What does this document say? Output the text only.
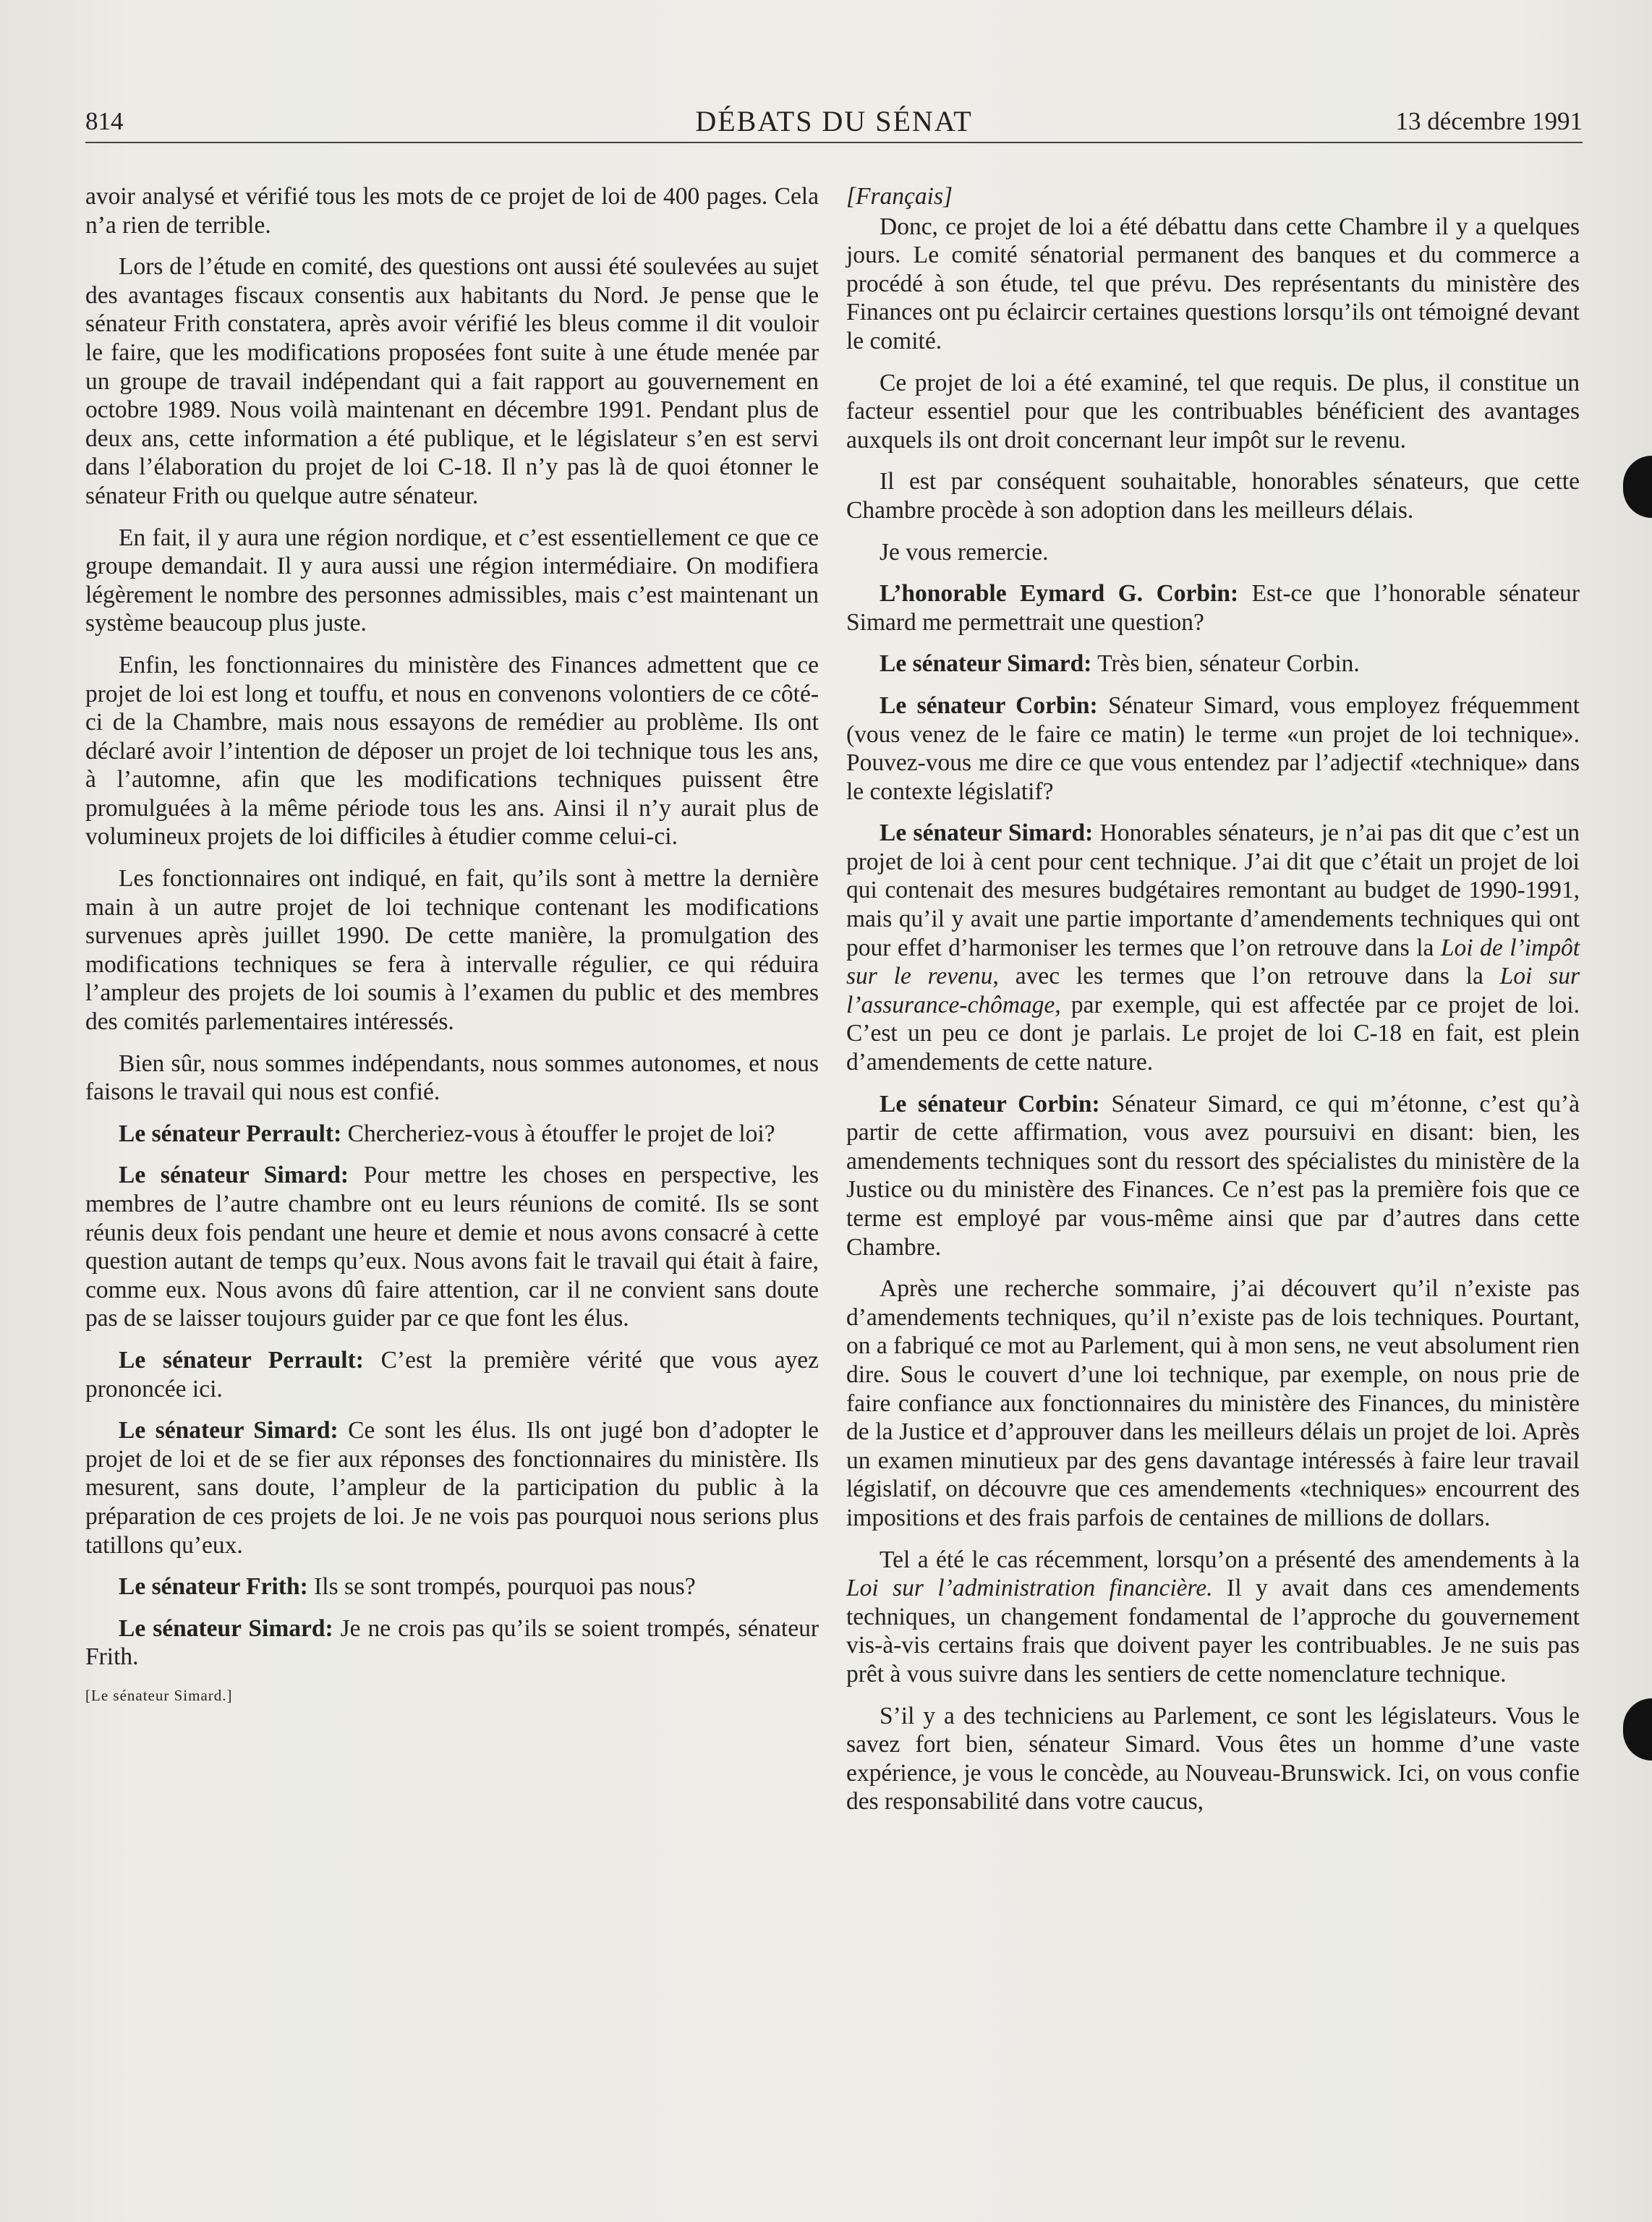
814	DÉBATS DU SÉNAT	13 décembre 1991

avoir analysé et vérifié tous les mots de ce projet de loi de 400 pages. Cela n’a rien de terrible.

Lors de l’étude en comité, des questions ont aussi été soulevées au sujet des avantages fiscaux consentis aux habitants du Nord. Je pense que le sénateur Frith constatera, après avoir vérifié les bleus comme il dit vouloir le faire, que les modifications proposées font suite à une étude menée par un groupe de travail indépendant qui a fait rapport au gouvernement en octobre 1989. Nous voilà maintenant en décembre 1991. Pendant plus de deux ans, cette information a été publique, et le législateur s’en est servi dans l’élaboration du projet de loi C-18. Il n’y pas là de quoi étonner le sénateur Frith ou quelque autre sénateur.

En fait, il y aura une région nordique, et c’est essentiellement ce que ce groupe demandait. Il y aura aussi une région intermédiaire. On modifiera légèrement le nombre des personnes admissibles, mais c’est maintenant un système beaucoup plus juste.

Enfin, les fonctionnaires du ministère des Finances admettent que ce projet de loi est long et touffu, et nous en convenons volontiers de ce côté-ci de la Chambre, mais nous essayons de remédier au problème. Ils ont déclaré avoir l’intention de déposer un projet de loi technique tous les ans, à l’automne, afin que les modifications techniques puissent être promulguées à la même période tous les ans. Ainsi il n’y aurait plus de volumineux projets de loi difficiles à étudier comme celui-ci.

Les fonctionnaires ont indiqué, en fait, qu’ils sont à mettre la dernière main à un autre projet de loi technique contenant les modifications survenues après juillet 1990. De cette manière, la promulgation des modifications techniques se fera à intervalle régulier, ce qui réduira l’ampleur des projets de loi soumis à l’examen du public et des membres des comités parlementaires intéressés.

Bien sûr, nous sommes indépendants, nous sommes autonomes, et nous faisons le travail qui nous est confié.

Le sénateur Perrault: Chercheriez-vous à étouffer le projet de loi?

Le sénateur Simard: Pour mettre les choses en perspective, les membres de l’autre chambre ont eu leurs réunions de comité. Ils se sont réunis deux fois pendant une heure et demie et nous avons consacré à cette question autant de temps qu’eux. Nous avons fait le travail qui était à faire, comme eux. Nous avons dû faire attention, car il ne convient sans doute pas de se laisser toujours guider par ce que font les élus.

Le sénateur Perrault: C’est la première vérité que vous ayez prononcée ici.

Le sénateur Simard: Ce sont les élus. Ils ont jugé bon d’adopter le projet de loi et de se fier aux réponses des fonctionnaires du ministère. Ils mesurent, sans doute, l’ampleur de la participation du public à la préparation de ces projets de loi. Je ne vois pas pourquoi nous serions plus tatillons qu’eux.

Le sénateur Frith: Ils se sont trompés, pourquoi pas nous?

Le sénateur Simard: Je ne crois pas qu’ils se soient trompés, sénateur Frith.

[Le sénateur Simard.]

[Français]

Donc, ce projet de loi a été débattu dans cette Chambre il y a quelques jours. Le comité sénatorial permanent des banques et du commerce a procédé à son étude, tel que prévu. Des représentants du ministère des Finances ont pu éclaircir certaines questions lorsqu’ils ont témoigné devant le comité.

Ce projet de loi a été examiné, tel que requis. De plus, il constitue un facteur essentiel pour que les contribuables bénéficient des avantages auxquels ils ont droit concernant leur impôt sur le revenu.

Il est par conséquent souhaitable, honorables sénateurs, que cette Chambre procède à son adoption dans les meilleurs délais.

Je vous remercie.

L’honorable Eymard G. Corbin: Est-ce que l’honorable sénateur Simard me permettrait une question?

Le sénateur Simard: Très bien, sénateur Corbin.

Le sénateur Corbin: Sénateur Simard, vous employez fréquemment (vous venez de le faire ce matin) le terme «un projet de loi technique». Pouvez-vous me dire ce que vous entendez par l’adjectif «technique» dans le contexte législatif?

Le sénateur Simard: Honorables sénateurs, je n’ai pas dit que c’est un projet de loi à cent pour cent technique. J’ai dit que c’était un projet de loi qui contenait des mesures budgétaires remontant au budget de 1990-1991, mais qu’il y avait une partie importante d’amendements techniques qui ont pour effet d’harmoniser les termes que l’on retrouve dans la Loi de l’impôt sur le revenu, avec les termes que l’on retrouve dans la Loi sur l’assurance-chômage, par exemple, qui est affectée par ce projet de loi. C’est un peu ce dont je parlais. Le projet de loi C-18 en fait, est plein d’amendements de cette nature.

Le sénateur Corbin: Sénateur Simard, ce qui m’étonne, c’est qu’à partir de cette affirmation, vous avez poursuivi en disant: bien, les amendements techniques sont du ressort des spécialistes du ministère de la Justice ou du ministère des Finances. Ce n’est pas la première fois que ce terme est employé par vous-même ainsi que par d’autres dans cette Chambre.

Après une recherche sommaire, j’ai découvert qu’il n’existe pas d’amendements techniques, qu’il n’existe pas de lois techniques. Pourtant, on a fabriqué ce mot au Parlement, qui à mon sens, ne veut absolument rien dire. Sous le couvert d’une loi technique, par exemple, on nous prie de faire confiance aux fonctionnaires du ministère des Finances, du ministère de la Justice et d’approuver dans les meilleurs délais un projet de loi. Après un examen minutieux par des gens davantage intéressés à faire leur travail législatif, on découvre que ces amendements «techniques» encourrent des impositions et des frais parfois de centaines de millions de dollars.

Tel a été le cas récemment, lorsqu’on a présenté des amendements à la Loi sur l’administration financière. Il y avait dans ces amendements techniques, un changement fondamental de l’approche du gouvernement vis-à-vis certains frais que doivent payer les contribuables. Je ne suis pas prêt à vous suivre dans les sentiers de cette nomenclature technique.

S’il y a des techniciens au Parlement, ce sont les législateurs. Vous le savez fort bien, sénateur Simard. Vous êtes un homme d’une vaste expérience, je vous le concède, au Nouveau-Brunswick. Ici, on vous confie des responsabilité dans votre caucus,
